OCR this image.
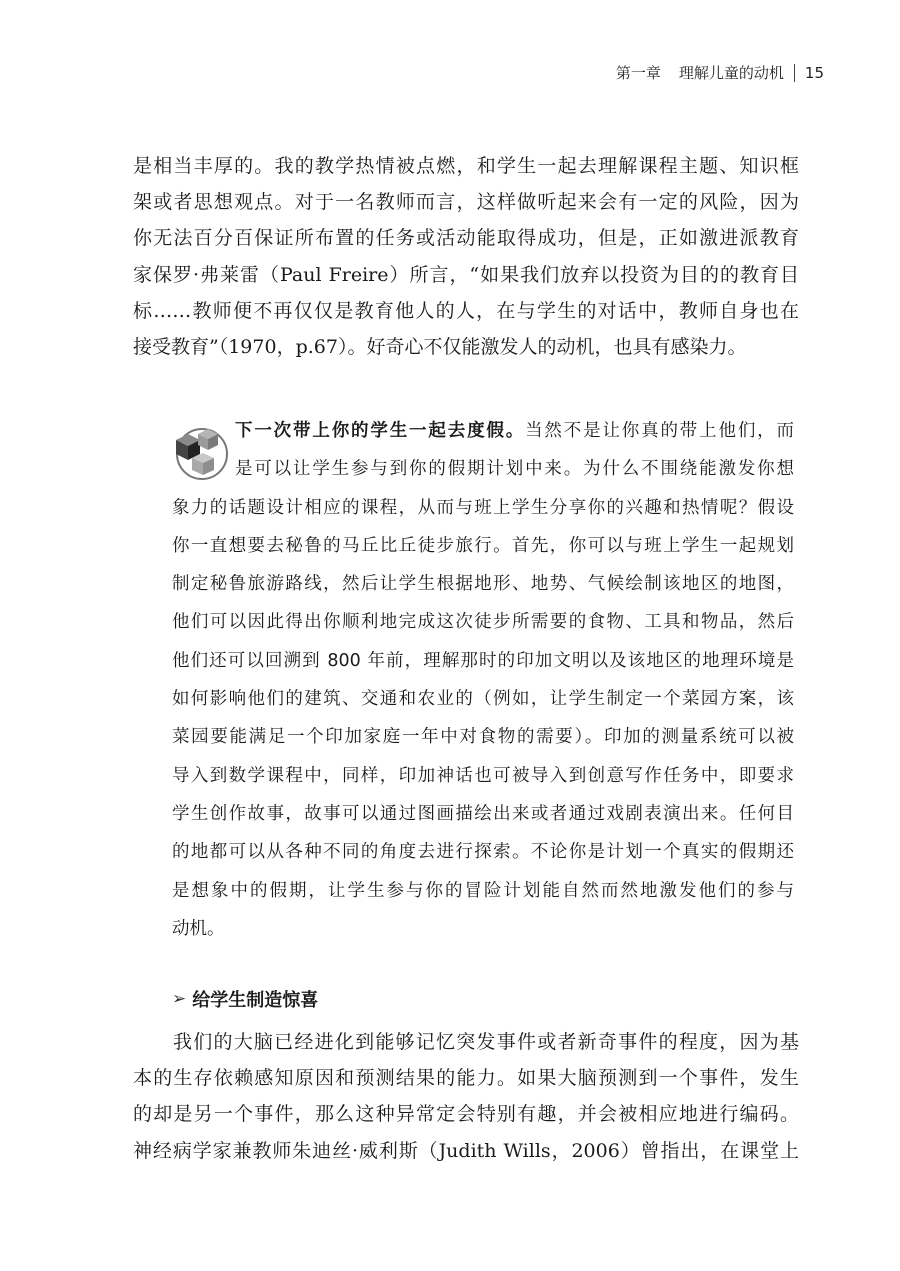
第一章 理解儿童的动机 15
是相当丰厚的。我的教学热情被点燃，和学生一起去理解课程主题、知识框
架或者思想观点。对于一名教师而言，这样做听起来会有一定的风险，因为
你无法百分百保证所布置的任务或活动能取得成功，但是，正如激进派教育
家保罗·弗莱雷（Paul Freire）所言，“如果我们放弃以投资为目的的教育目
标……教师便不再仅仅是教育他人的人，在与学生的对话中，教师自身也在
接受教育”（1970，p.67）。好奇心不仅能激发人的动机，也具有感染力。
下一次带上你的学生一起去度假。当然不是让你真的带上他们，而
是可以让学生参与到你的假期计划中来。为什么不围绕能激发你想
象力的话题设计相应的课程，从而与班上学生分享你的兴趣和热情呢？假设
你一直想要去秘鲁的马丘比丘徒步旅行。首先，你可以与班上学生一起规划
制定秘鲁旅游路线，然后让学生根据地形、地势、气候绘制该地区的地图，
他们可以因此得出你顺利地完成这次徒步所需要的食物、工具和物品，然后
他们还可以回溯到 800 年前，理解那时的印加文明以及该地区的地理环境是
如何影响他们的建筑、交通和农业的（例如，让学生制定一个菜园方案，该
菜园要能满足一个印加家庭一年中对食物的需要）。印加的测量系统可以被
导入到数学课程中，同样，印加神话也可被导入到创意写作任务中，即要求
学生创作故事，故事可以通过图画描绘出来或者通过戏剧表演出来。任何目
的地都可以从各种不同的角度去进行探索。不论你是计划一个真实的假期还
是想象中的假期，让学生参与你的冒险计划能自然而然地激发他们的参与
动机。
➢ 给学生制造惊喜
我们的大脑已经进化到能够记忆突发事件或者新奇事件的程度，因为基
本的生存依赖感知原因和预测结果的能力。如果大脑预测到一个事件，发生
的却是另一个事件，那么这种异常定会特别有趣，并会被相应地进行编码。
神经病学家兼教师朱迪丝·威利斯（Judith Wills，2006）曾指出，在课堂上
